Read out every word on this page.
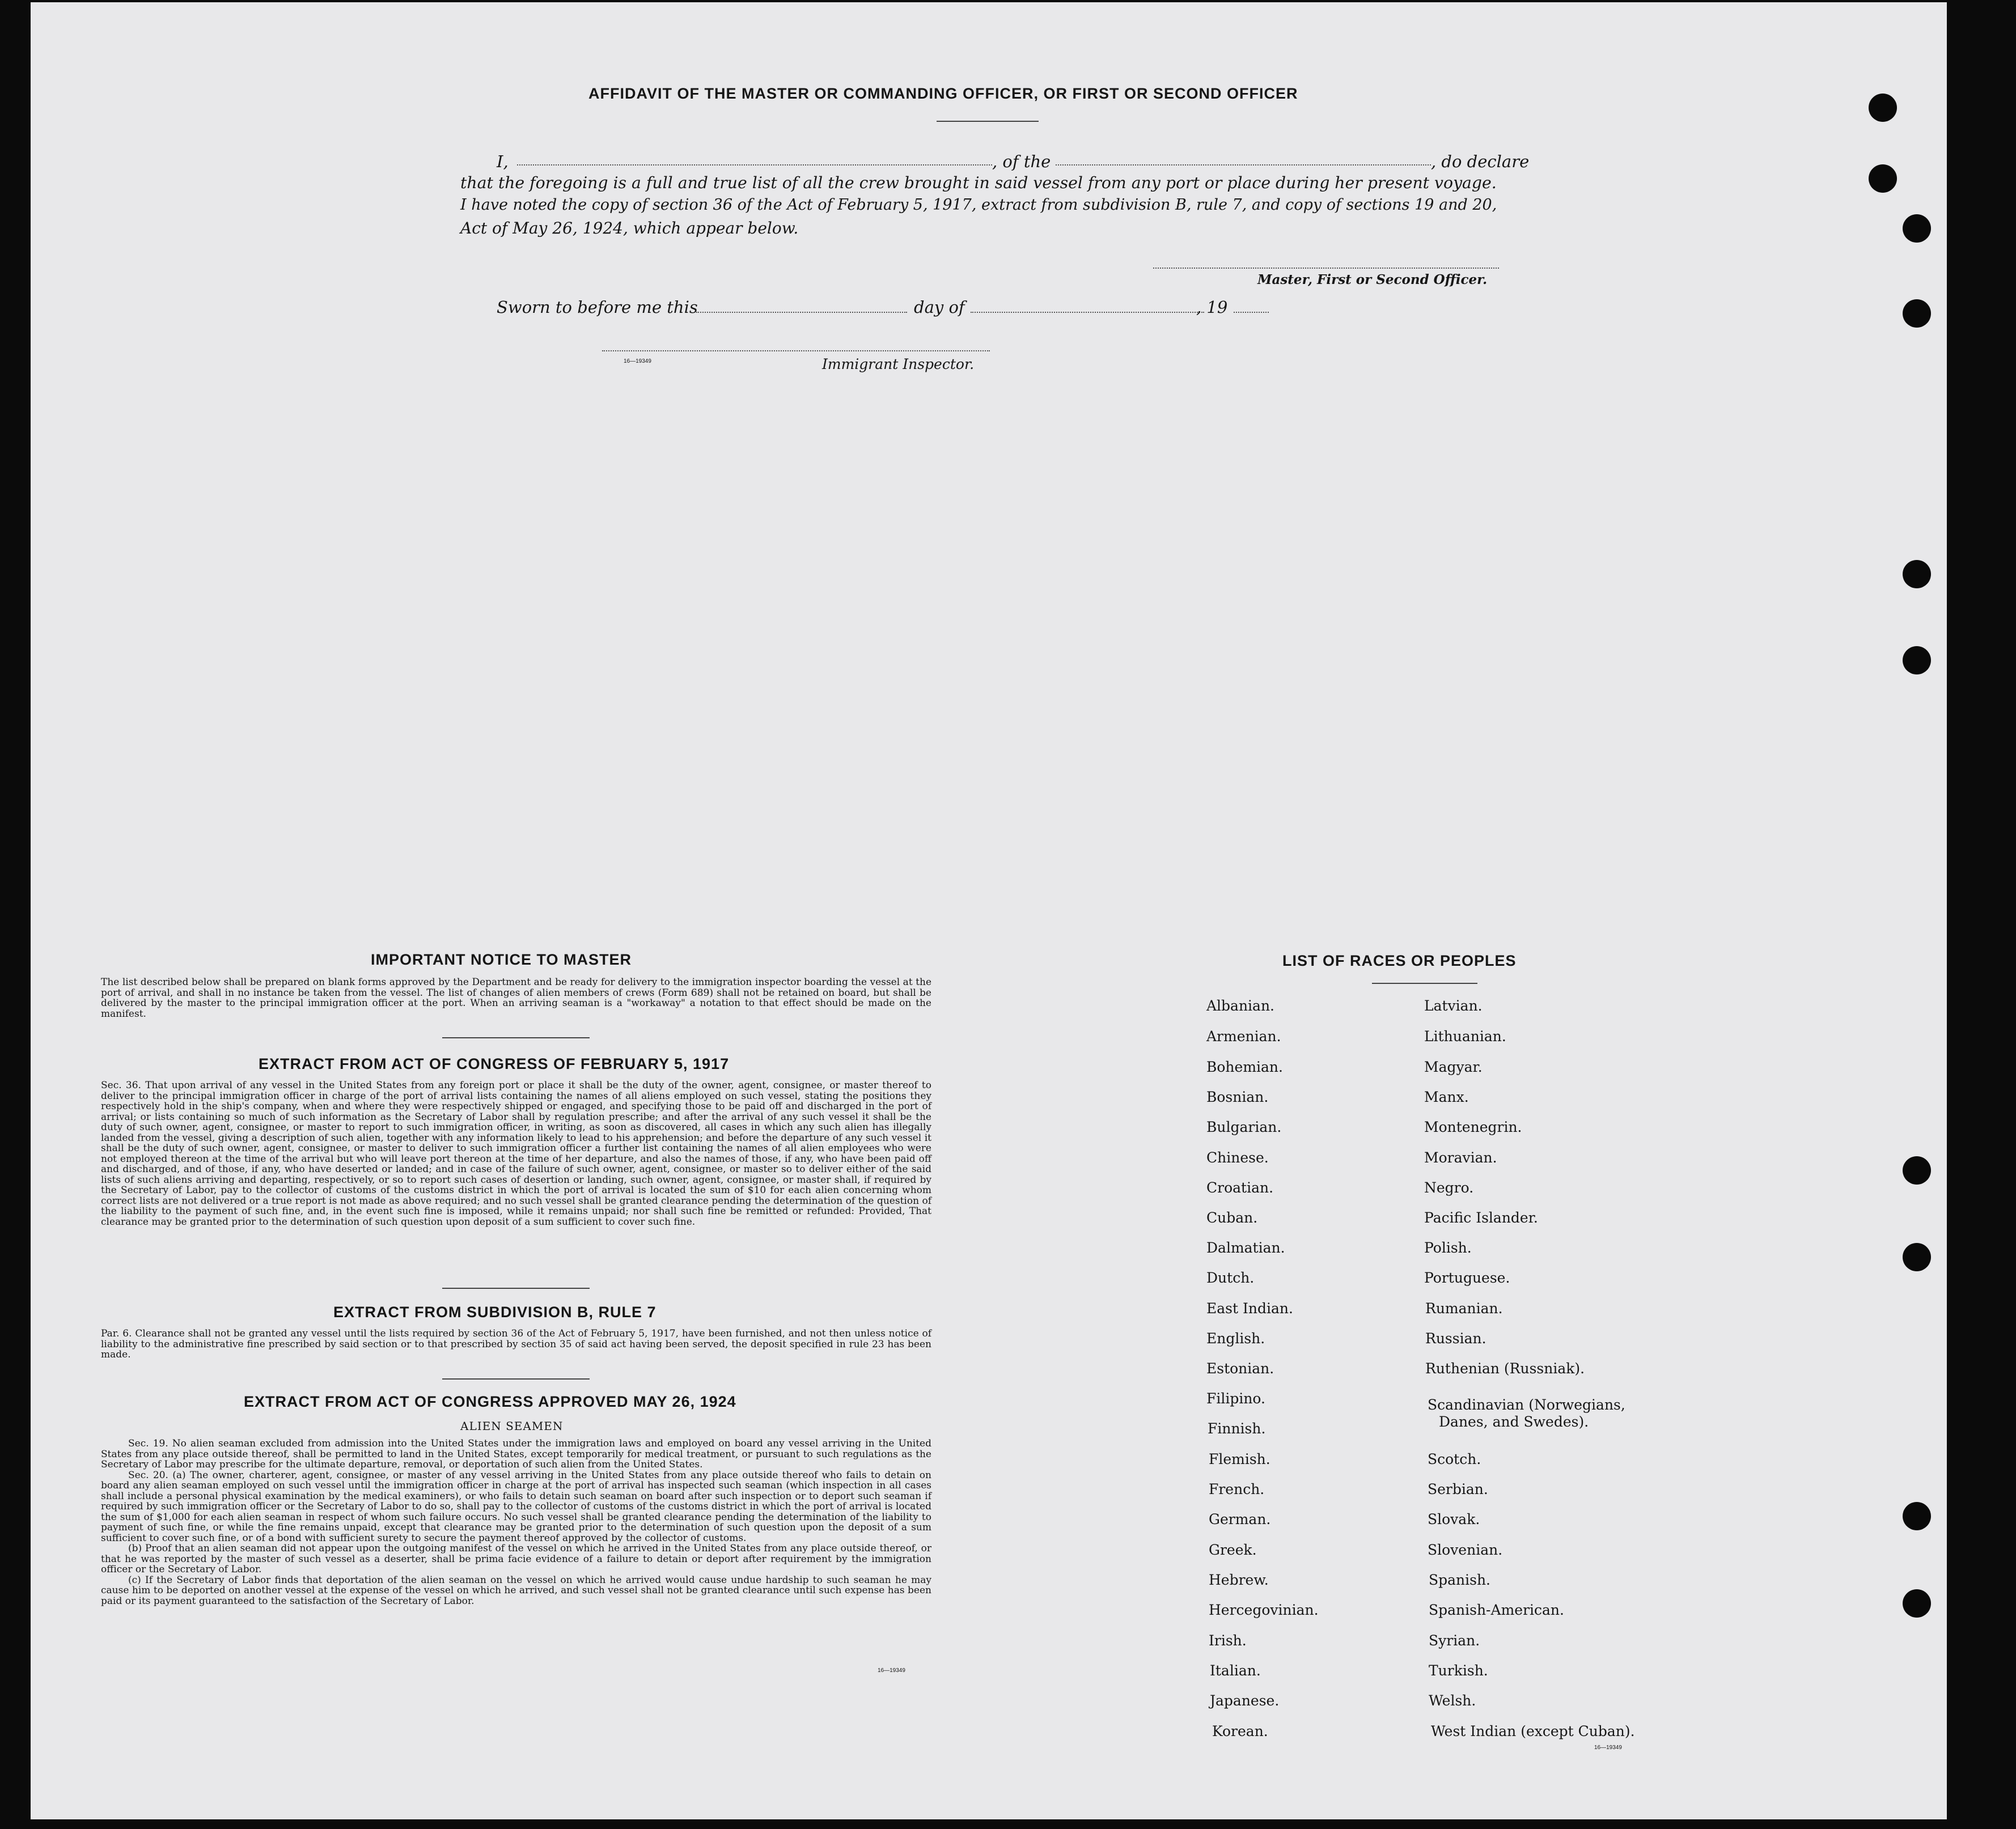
AFFIDAVIT OF THE MASTER OR COMMANDING OFFICER, OR FIRST OR SECOND OFFICER
I,	, of the	, do declare
that the foregoing is a full and true list of all the crew brought in said vessel from any port or place during her present voyage.
I have noted the copy of section 36 of the Act of February 5, 1917, extract from subdivision B, rule 7, and copy of sections 19 and 20,
Act of May 26, 1924, which appear below.
Master, First or Second Officer.
Sworn to before me this	day of	, 19
16—19349	Immigrant Inspector.
IMPORTANT NOTICE TO MASTER

The list described below shall be prepared on blank forms approved by the Department and be ready for delivery to the immigration inspector boarding the vessel at the port of arrival, and shall in no instance be taken from the vessel. The list of changes of alien members of crews (Form 689) shall not be retained on board, but shall be delivered by the master to the principal immigration officer at the port. When an arriving seaman is a "workaway" a notation to that effect should be made on the manifest.

EXTRACT FROM ACT OF CONGRESS OF FEBRUARY 5, 1917

Sec. 36. That upon arrival of any vessel in the United States from any foreign port or place it shall be the duty of the owner, agent, consignee, or master thereof to deliver to the principal immigration officer in charge of the port of arrival lists containing the names of all aliens employed on such vessel, stating the positions they respectively hold in the ship's company, when and where they were respectively shipped or engaged, and specifying those to be paid off and discharged in the port of arrival; or lists containing so much of such information as the Secretary of Labor shall by regulation prescribe; and after the arrival of any such vessel it shall be the duty of such owner, agent, consignee, or master to report to such immigration officer, in writing, as soon as discovered, all cases in which any such alien has illegally landed from the vessel, giving a description of such alien, together with any information likely to lead to his apprehension; and before the departure of any such vessel it shall be the duty of such owner, agent, consignee, or master to deliver to such immigration officer a further list containing the names of all alien employees who were not employed thereon at the time of the arrival but who will leave port thereon at the time of her departure, and also the names of those, if any, who have been paid off and discharged, and of those, if any, who have deserted or landed; and in case of the failure of such owner, agent, consignee, or master so to deliver either of the said lists of such aliens arriving and departing, respectively, or so to report such cases of desertion or landing, such owner, agent, consignee, or master shall, if required by the Secretary of Labor, pay to the collector of customs of the customs district in which the port of arrival is located the sum of $10 for each alien concerning whom correct lists are not delivered or a true report is not made as above required; and no such vessel shall be granted clearance pending the determination of the question of the liability to the payment of such fine, and, in the event such fine is imposed, while it remains unpaid; nor shall such fine be remitted or refunded: Provided, That clearance may be granted prior to the determination of such question upon deposit of a sum sufficient to cover such fine.

EXTRACT FROM SUBDIVISION B, RULE 7

Par. 6. Clearance shall not be granted any vessel until the lists required by section 36 of the Act of February 5, 1917, have been furnished, and not then unless notice of liability to the administrative fine prescribed by said section or to that prescribed by section 35 of said act having been served, the deposit specified in rule 23 has been made.

EXTRACT FROM ACT OF CONGRESS APPROVED MAY 26, 1924
ALIEN SEAMEN

Sec. 19. No alien seaman excluded from admission into the United States under the immigration laws and employed on board any vessel arriving in the United States from any place outside thereof, shall be permitted to land in the United States, except temporarily for medical treatment, or pursuant to such regulations as the Secretary of Labor may prescribe for the ultimate departure, removal, or deportation of such alien from the United States.

Sec. 20. (a) The owner, charterer, agent, consignee, or master of any vessel arriving in the United States from any place outside thereof who fails to detain on board any alien seaman employed on such vessel until the immigration officer in charge at the port of arrival has inspected such seaman (which inspection in all cases shall include a personal physical examination by the medical examiners), or who fails to detain such seaman on board after such inspection or to deport such seaman if required by such immigration officer or the Secretary of Labor to do so, shall pay to the collector of customs of the customs district in which the port of arrival is located the sum of $1,000 for each alien seaman in respect of whom such failure occurs. No such vessel shall be granted clearance pending the determination of the liability to payment of such fine, or while the fine remains unpaid, except that clearance may be granted prior to the determination of such question upon the deposit of a sum sufficient to cover such fine, or of a bond with sufficient surety to secure the payment thereof approved by the collector of customs.

(b) Proof that an alien seaman did not appear upon the outgoing manifest of the vessel on which he arrived in the United States from any place outside thereof, or that he was reported by the master of such vessel as a deserter, shall be prima facie evidence of a failure to detain or deport after requirement by the immigration officer or the Secretary of Labor.

(c) If the Secretary of Labor finds that deportation of the alien seaman on the vessel on which he arrived would cause undue hardship to such seaman he may cause him to be deported on another vessel at the expense of the vessel on which he arrived, and such vessel shall not be granted clearance until such expense has been paid or its payment guaranteed to the satisfaction of the Secretary of Labor.

16—19349
LIST OF RACES OR PEOPLES
Albanian.
Armenian.
Bohemian.
Bosnian.
Bulgarian.
Chinese.
Croatian.
Cuban.
Dalmatian.
Dutch.
East Indian.
English.
Estonian.
Filipino.
Finnish.
Flemish.
French.
German.
Greek.
Hebrew.
Hercegovinian.
Irish.
Italian.
Japanese.
Korean.
Latvian.
Lithuanian.
Magyar.
Manx.
Montenegrin.
Moravian.
Negro.
Pacific Islander.
Polish.
Portuguese.
Rumanian.
Russian.
Ruthenian (Russniak).
Scandinavian (Norwegians,
Danes, and Swedes).
Scotch.
Serbian.
Slovak.
Slovenian.
Spanish.
Spanish-American.
Syrian.
Turkish.
Welsh.
West Indian (except Cuban).
16—19349
